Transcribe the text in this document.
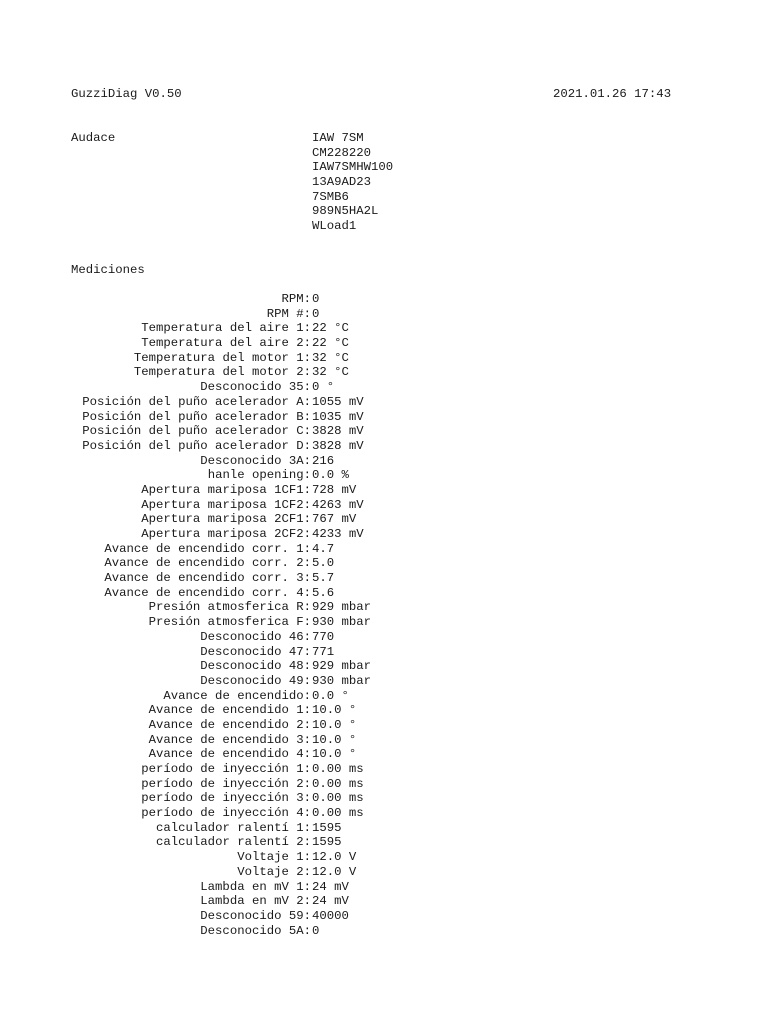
GuzziDiag V0.50	2021.01.26 17:43
Audace	IAW 7SM
CM228220
IAW7SMHW100
13A9AD23
7SMB6
989N5HA2L
WLoad1
Mediciones
RPM: 0
RPM #: 0
Temperatura del aire 1: 22 °C
Temperatura del aire 2: 22 °C
Temperatura del motor 1: 32 °C
Temperatura del motor 2: 32 °C
Desconocido 35: 0 °
Posición del puño acelerador A: 1055 mV
Posición del puño acelerador B: 1035 mV
Posición del puño acelerador C: 3828 mV
Posición del puño acelerador D: 3828 mV
Desconocido 3A: 216
hanle opening: 0.0 %
Apertura mariposa 1CF1: 728 mV
Apertura mariposa 1CF2: 4263 mV
Apertura mariposa 2CF1: 767 mV
Apertura mariposa 2CF2: 4233 mV
Avance de encendido corr. 1: 4.7
Avance de encendido corr. 2: 5.0
Avance de encendido corr. 3: 5.7
Avance de encendido corr. 4: 5.6
Presión atmosferica R: 929 mbar
Presión atmosferica F: 930 mbar
Desconocido 46: 770
Desconocido 47: 771
Desconocido 48: 929 mbar
Desconocido 49: 930 mbar
Avance de encendido: 0.0 °
Avance de encendido 1: 10.0 °
Avance de encendido 2: 10.0 °
Avance de encendido 3: 10.0 °
Avance de encendido 4: 10.0 °
período de inyección 1: 0.00 ms
período de inyección 2: 0.00 ms
período de inyección 3: 0.00 ms
período de inyección 4: 0.00 ms
calculador ralentí 1: 1595
calculador ralentí 2: 1595
Voltaje 1: 12.0 V
Voltaje 2: 12.0 V
Lambda en mV 1: 24 mV
Lambda en mV 2: 24 mV
Desconocido 59: 40000
Desconocido 5A: 0
